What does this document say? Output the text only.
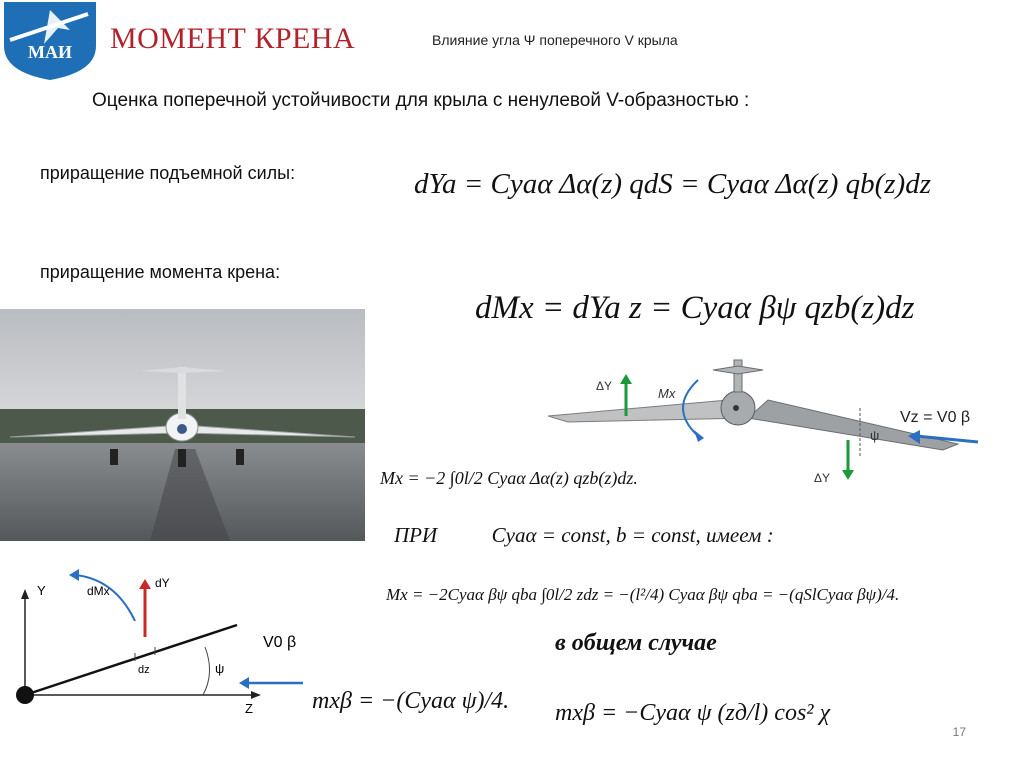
МАИ МОМЕНТ КРЕНА	Влияние угла Ψ поперечного V крыла
Оценка поперечной устойчивости для крыла с ненулевой V-образностью :
приращение подъемной силы:	dYa = Cyaα Δα(z) qdS = Cyaα Δα(z) qb(z)dz
приращение момента крена:
dMx = dYa z = Cyaα βψ qzb(z)dz
ΔY	Mx
ΔY
Vz = V0 β
ψ
Y
Z
dY
dMx
dz	ψ
V0 β
Mx = −2 ∫0l/2 Cyaα Δα(z) qzb(z)dz.
ПРИ	Cyaα = const, b = const, имеем :
Mx = −2Cyaα βψ qba ∫0l/2 zdz = −(l²/4) Cyaα βψ qba = −(qSlCyaα βψ)/4.
в общем случае
mxβ = −(Cyaα ψ)/4. mxβ = −Cyaα ψ (zд/l) cos² χ
17
